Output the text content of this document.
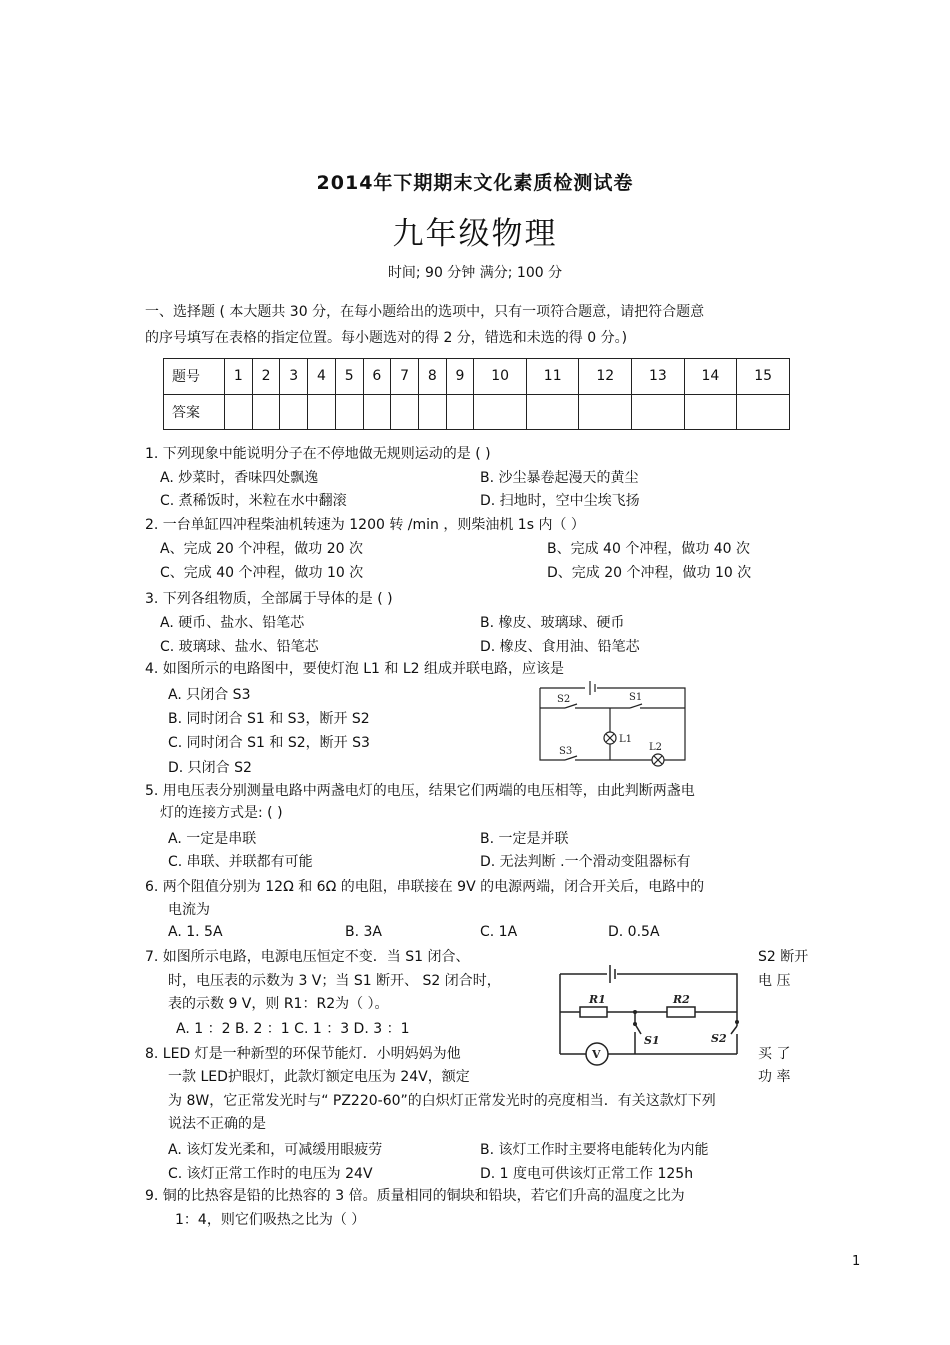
2014年下期期末文化素质检测试卷
九年级物理
时间; 90 分钟 满分; 100 分
一、选择题 ( 本大题共 30 分，在每小题给出的选项中，只有一项符合题意，请把符合题意
的序号填写在表格的指定位置。每小题选对的得 2 分，错选和未选的得 0 分。)
题号	1	2	3	4	5	6	7	8	9	10	11	12	13	14	15
答案															
1. 下列现象中能说明分子在不停地做无规则运动的是 ( )
A. 炒菜时，香味四处飘逸	B. 沙尘暴卷起漫天的黄尘
C. 煮稀饭时，米粒在水中翻滚	D. 扫地时，空中尘埃飞扬
2. 一台单缸四冲程柴油机转速为 1200 转 /min ，则柴油机 1s 内（ ）
A、完成 20 个冲程，做功 20 次	B、完成 40 个冲程，做功 40 次
C、完成 40 个冲程，做功 10 次	D、完成 20 个冲程，做功 10 次
3. 下列各组物质，全部属于导体的是 ( )
A. 硬币、盐水、铅笔芯	B. 橡皮、玻璃球、硬币
C. 玻璃球、盐水、铅笔芯	D. 橡皮、食用油、铅笔芯
4. 如图所示的电路图中，要使灯泡 L1 和 L2 组成并联电路，应该是
A. 只闭合 S3
B. 同时闭合 S1 和 S3，断开 S2
C. 同时闭合 S1 和 S2，断开 S3
D. 只闭合 S2
S2	S1
L1
S3	L2
5. 用电压表分别测量电路中两盏电灯的电压，结果它们两端的电压相等，由此判断两盏电
灯的连接方式是: ( )
A. 一定是串联	B. 一定是并联
C. 串联、并联都有可能	D. 无法判断 .一个滑动变阻器标有
6. 两个阻值分别为 12Ω 和 6Ω 的电阻，串联接在 9V 的电源两端，闭合开关后，电路中的
电流为
A. 1. 5A	B. 3A	C. 1A	D. 0.5A
7. 如图所示电路，电源电压恒定不变．当 S1 闭合、	S2 断开
时，电压表的示数为 3 V；当 S1 断开、 S2 闭合时，	电 压
表的示数 9 V，则 R1：R2为（ ）。
A. 1 ：2 B. 2 ：1 C. 1 ：3 D. 3 ：1
R1	R2
V
S1	S2
8. LED 灯是一种新型的环保节能灯．小明妈妈为他	买 了
一款 LED护眼灯，此款灯额定电压为 24V，额定	功 率
为 8W，它正常发光时与“ PZ220-60”的白炽灯正常发光时的亮度相当．有关这款灯下列
说法不正确的是
A. 该灯发光柔和，可减缓用眼疲劳	B. 该灯工作时主要将电能转化为内能
C. 该灯正常工作时的电压为 24V	D. 1 度电可供该灯正常工作 125h
9. 铜的比热容是铅的比热容的 3 倍。质量相同的铜块和铅块，若它们升高的温度之比为
1：4，则它们吸热之比为（ ）
1
